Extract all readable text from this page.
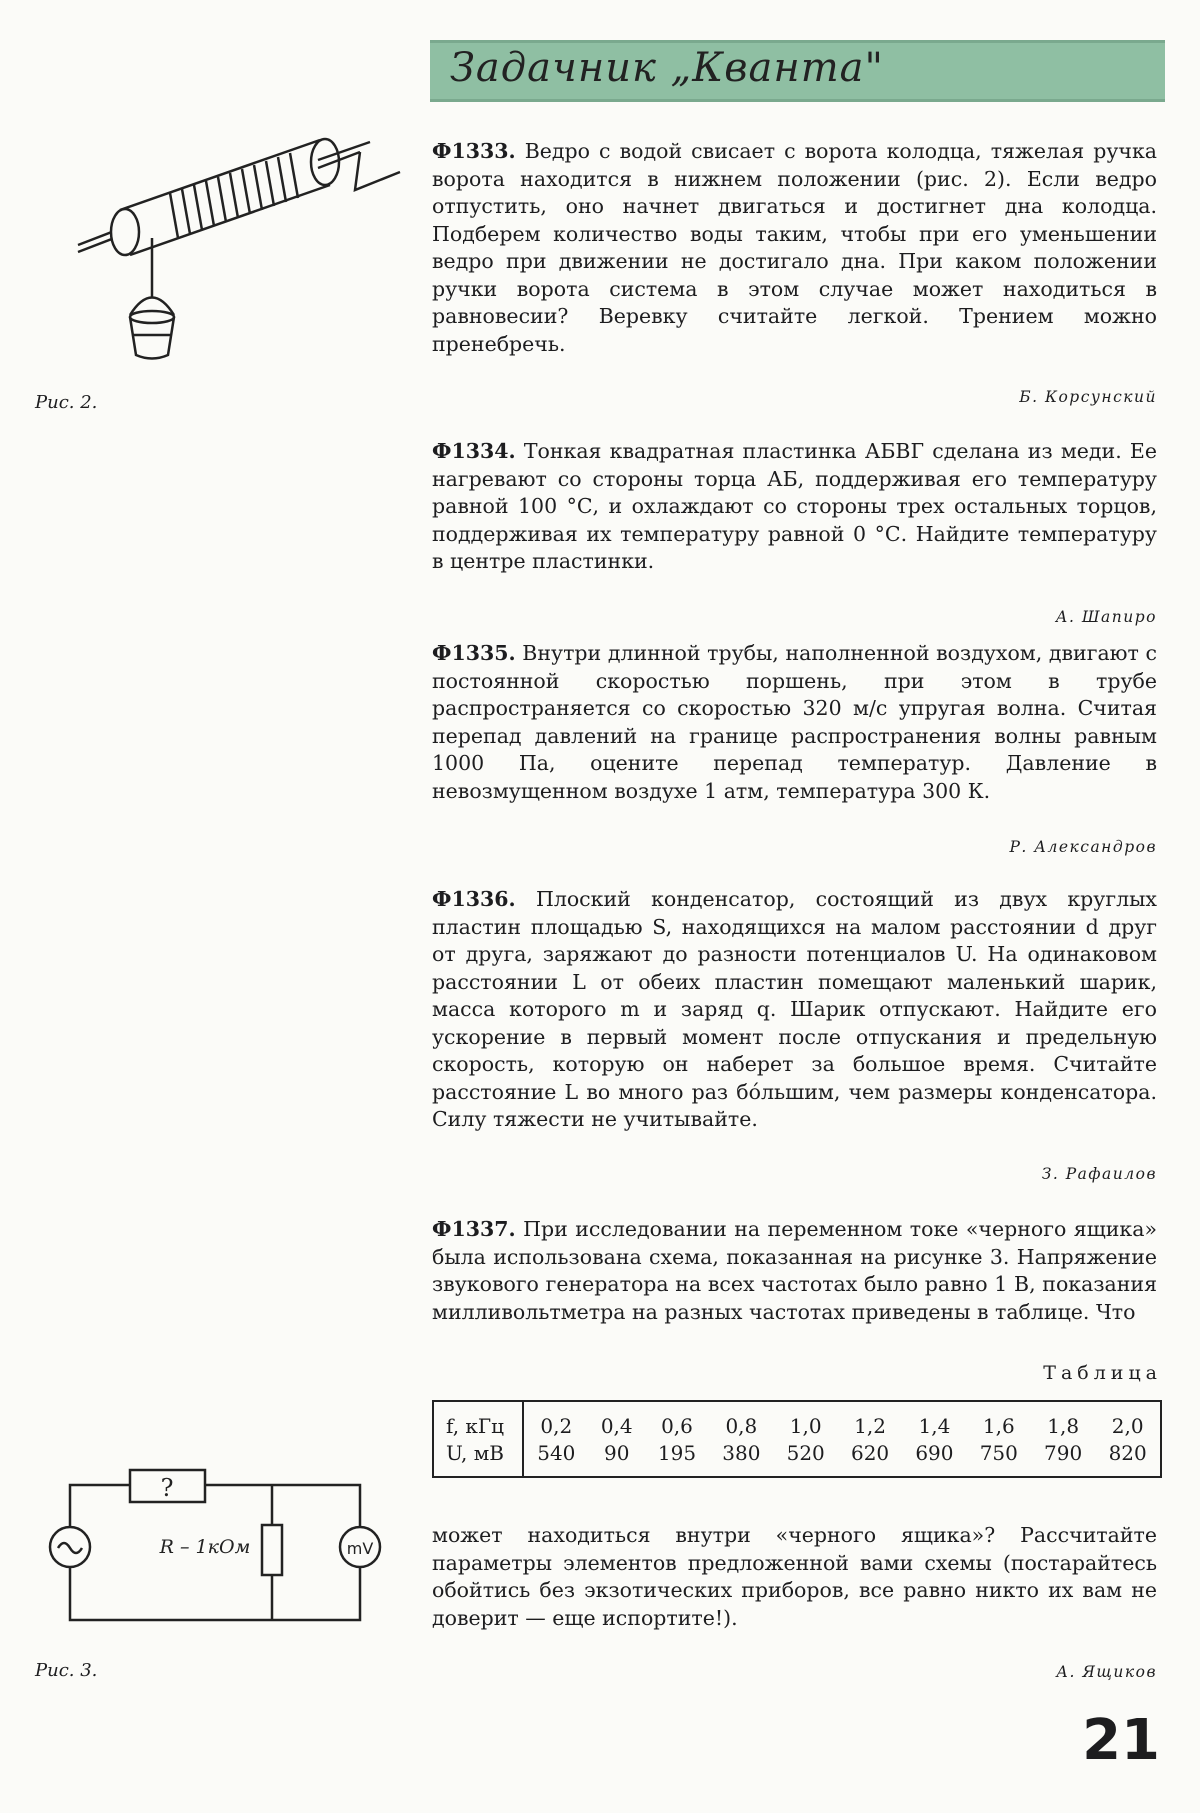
Задачник „Кванта"
Рис. 2.
?
R – 1кОм	mV
Рис. 3.

Ф1333. Ведро с водой свисает с ворота колодца, тяжелая ручка ворота находится в нижнем положении (рис. 2). Если ведро отпустить, оно начнет двигаться и достигнет дна колодца. Подберем количество воды таким, чтобы при его уменьшении ведро при движении не достигало дна. При каком положении ручки ворота система в этом случае может находиться в равновесии? Веревку считайте легкой. Трением можно пренебречь.

Б. Корсунский

Ф1334. Тонкая квадратная пластинка АБВГ сделана из меди. Ее нагревают со стороны торца АБ, поддерживая его температуру равной 100 °С, и охлаждают со стороны трех остальных торцов, поддерживая их температуру равной 0 °С. Найдите температуру в центре пластинки.

А. Шапиро

Ф1335. Внутри длинной трубы, наполненной воздухом, двигают с постоянной скоростью поршень, при этом в трубе распространяется со скоростью 320 м/с упругая волна. Считая перепад давлений на границе распространения волны равным 1000 Па, оцените перепад температур. Давление в невозмущенном воздухе 1 атм, температура 300 К.

Р. Александров

Ф1336. Плоский конденсатор, состоящий из двух круглых пластин площадью S, находящихся на малом расстоянии d друг от друга, заряжают до разности потенциалов U. На одинаковом расстоянии L от обеих пластин помещают маленький шарик, масса которого m и заряд q. Шарик отпускают. Найдите его ускорение в первый момент после отпускания и предельную скорость, которую он наберет за большое время. Считайте расстояние L во много раз бóльшим, чем размеры конденсатора. Силу тяжести не учитывайте.

З. Рафаилов

Ф1337. При исследовании на переменном токе «черного ящика» была использована схема, показанная на рисунке 3. Напряжение звукового генератора на всех частотах было равно 1 В, показания милливольтметра на разных частотах приведены в таблице. Что

Таблица
f, кГц	0,2	0,4	0,6	0,8	1,0	1,2	1,4	1,6	1,8	2,0
U, мВ	540	90	195	380	520	620	690	750	790	820

может находиться внутри «черного ящика»? Рассчитайте параметры элементов предложенной вами схемы (постарайтесь обойтись без экзотических приборов, все равно никто их вам не доверит — еще испортите!).

А. Ящиков
21
